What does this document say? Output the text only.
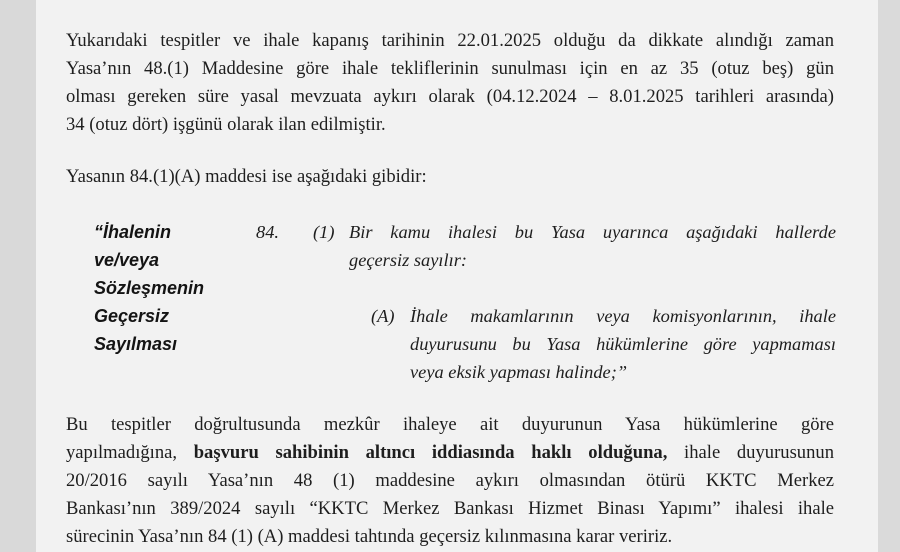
Yukarıdaki tespitler ve ihale kapanış tarihinin 22.01.2025 olduğu da dikkate alındığı zaman
Yasa’nın 48.(1) Maddesine göre ihale tekliflerinin sunulması için en az 35 (otuz beş) gün
olması gereken süre yasal mevzuata aykırı olarak (04.12.2024 – 8.01.2025 tarihleri arasında)
34 (otuz dört) işgünü olarak ilan edilmiştir.
Yasanın 84.(1)(A) maddesi ise aşağıdaki gibidir:
“İhalenin
ve/veya
Sözleşmenin
Geçersiz
Sayılması
84. (1) Bir kamu ihalesi bu Yasa uyarınca aşağıdaki hallerde
geçersiz sayılır:
(A) İhale makamlarının veya komisyonlarının, ihale
duyurusunu bu Yasa hükümlerine göre yapmaması
veya eksik yapması halinde;”
Bu tespitler doğrultusunda mezkûr ihaleye ait duyurunun Yasa hükümlerine göre
yapılmadığına, başvuru sahibinin altıncı iddiasında haklı olduğuna, ihale duyurusunun
20/2016 sayılı Yasa’nın 48 (1) maddesine aykırı olmasından ötürü KKTC Merkez
Bankası’nın 389/2024 sayılı “KKTC Merkez Bankası Hizmet Binası Yapımı” ihalesi ihale
sürecinin Yasa’nın 84 (1) (A) maddesi tahtında geçersiz kılınmasına karar veririz.
